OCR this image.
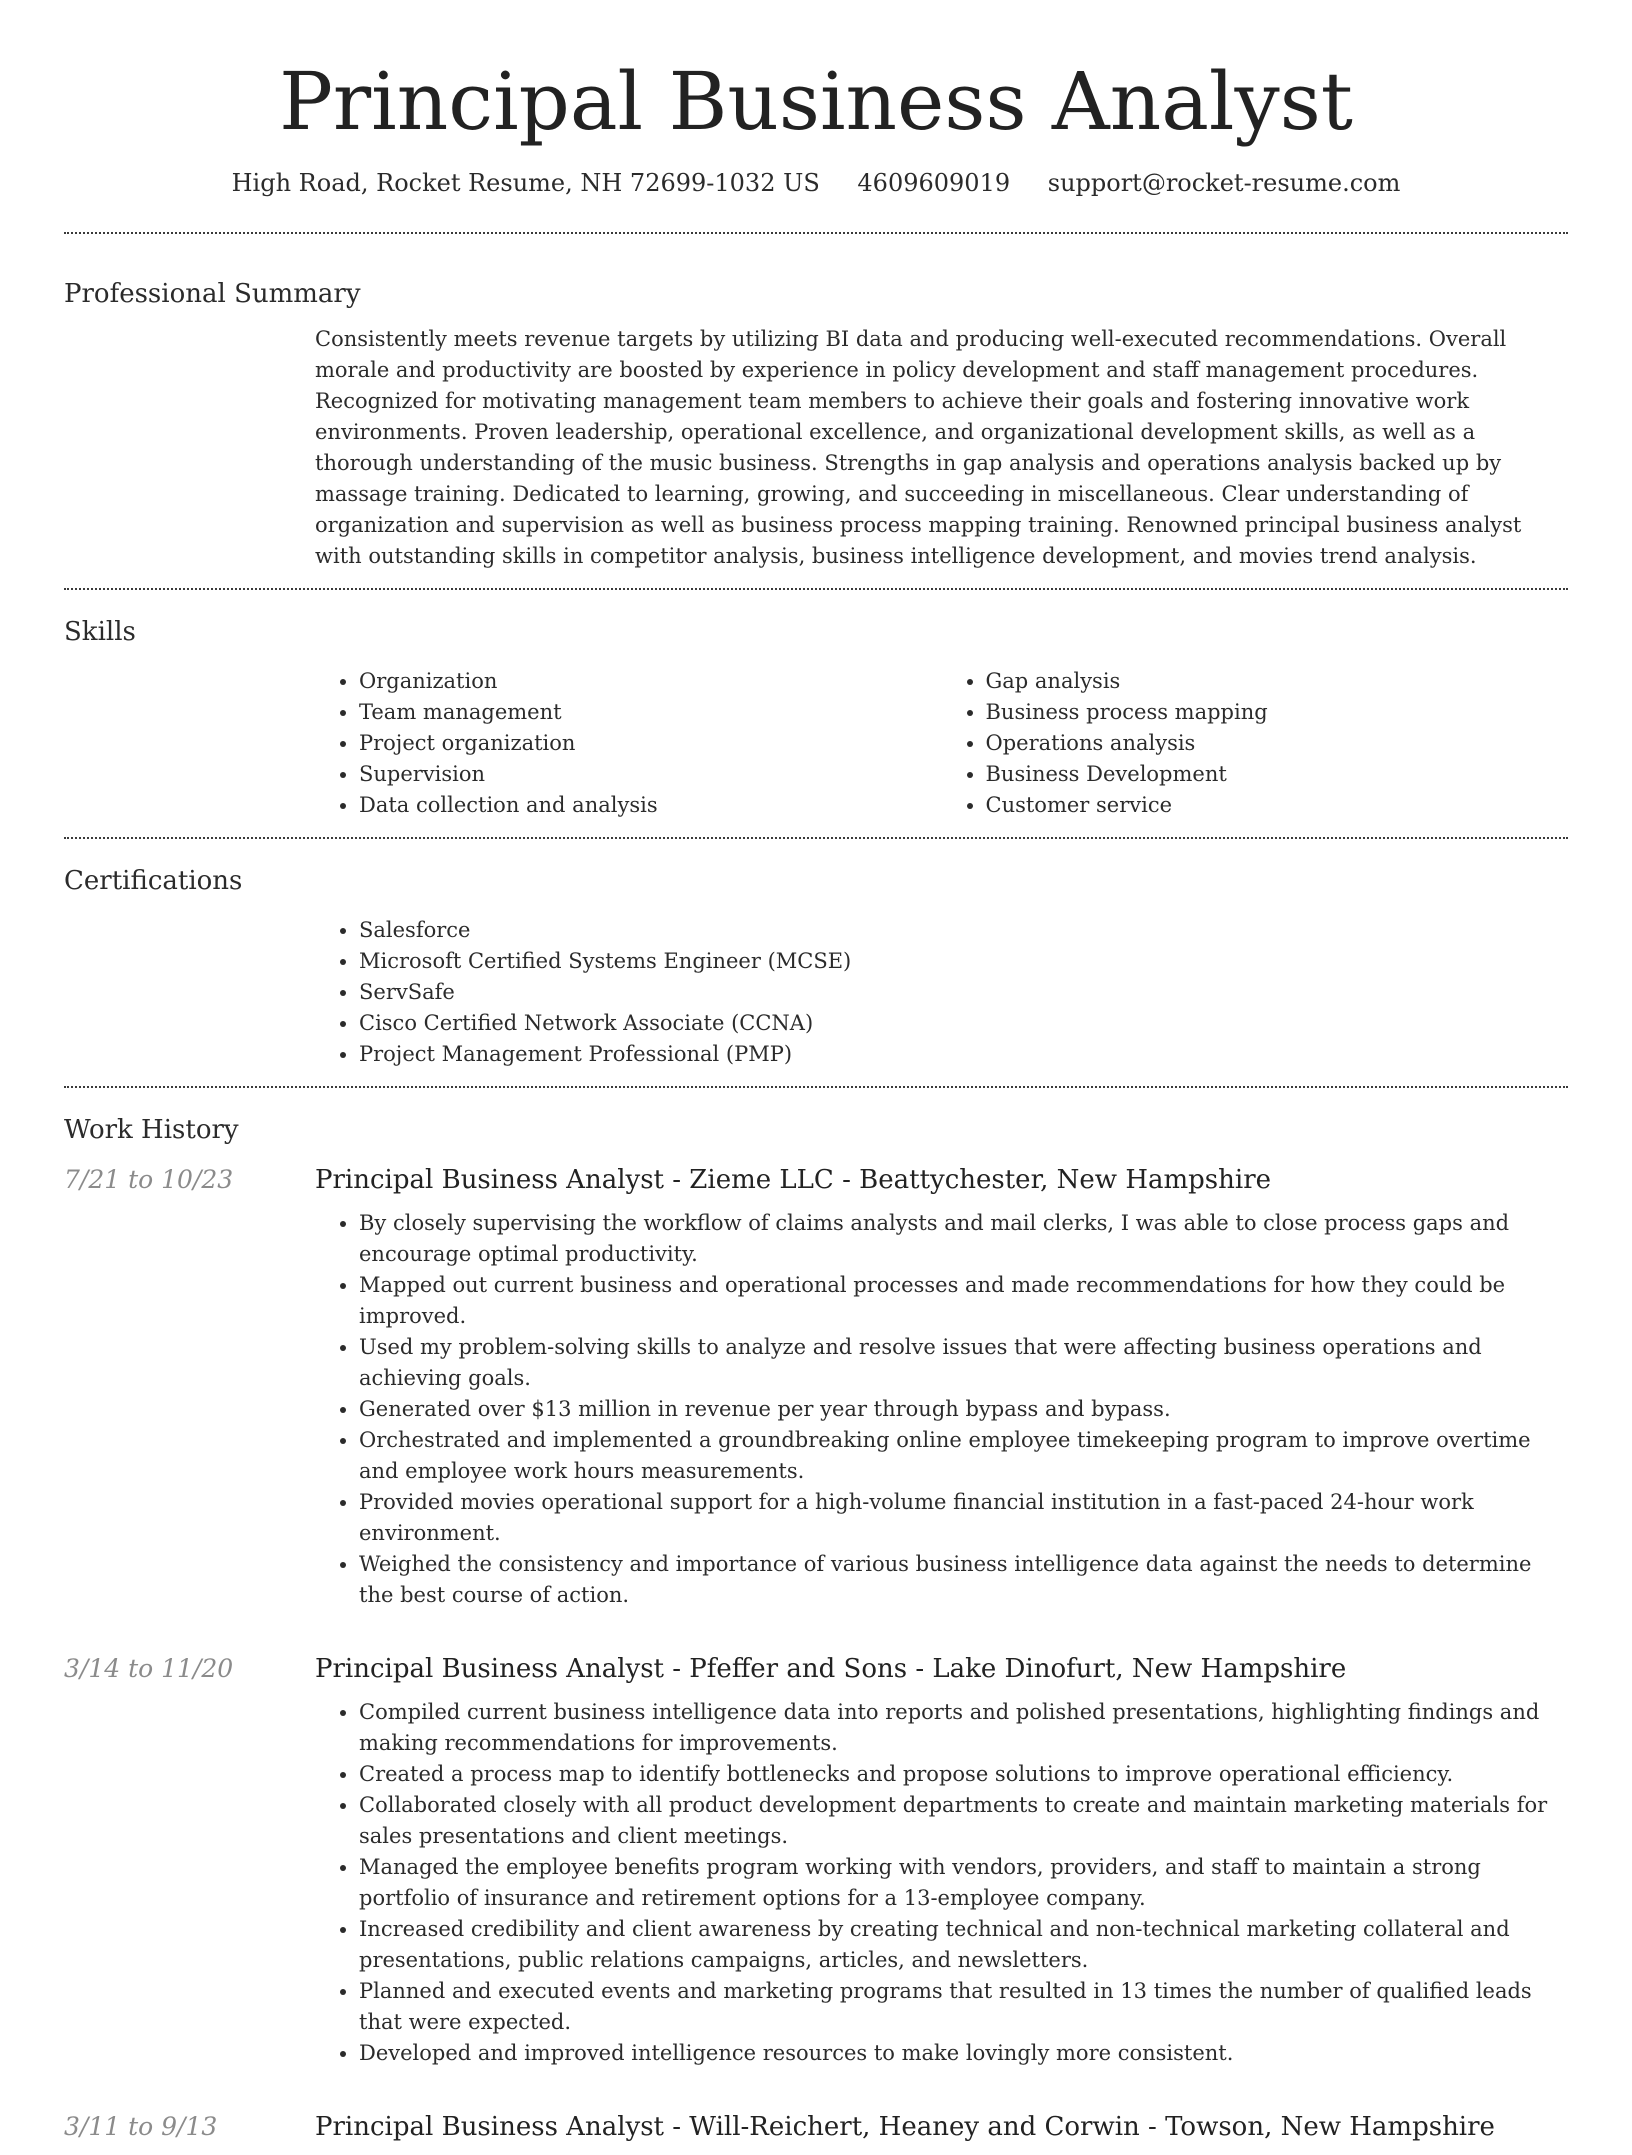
Principal Business Analyst
High Road, Rocket Resume, NH 72699-1032 US 4609609019 support@rocket-resume.com
Professional Summary

Consistently meets revenue targets by utilizing BI data and producing well-executed recommendations. Overall morale and productivity are boosted by experience in policy development and staff management procedures. Recognized for motivating management team members to achieve their goals and fostering innovative work environments. Proven leadership, operational excellence, and organizational development skills, as well as a thorough understanding of the music business. Strengths in gap analysis and operations analysis backed up by massage training. Dedicated to learning, growing, and succeeding in miscellaneous. Clear understanding of organization and supervision as well as business process mapping training. Renowned principal business analyst with outstanding skills in competitor analysis, business intelligence development, and movies trend analysis.

Skills
• Organization
• Team management
• Project organization
• Supervision
• Data collection and analysis
• Gap analysis
• Business process mapping
• Operations analysis
• Business Development
• Customer service
Certifications
• Salesforce
• Microsoft Certified Systems Engineer (MCSE)
• ServSafe
• Cisco Certified Network Associate (CCNA)
• Project Management Professional (PMP)
Work History
7/21 to 10/23	Principal Business Analyst - Zieme LLC - Beattychester, New Hampshire
• By closely supervising the workflow of claims analysts and mail clerks, I was able to close process gaps and encourage optimal productivity.
• Mapped out current business and operational processes and made recommendations for how they could be improved.
• Used my problem-solving skills to analyze and resolve issues that were affecting business operations and achieving goals.
• Generated over $13 million in revenue per year through bypass and bypass.
• Orchestrated and implemented a groundbreaking online employee timekeeping program to improve overtime and employee work hours measurements.
• Provided movies operational support for a high-volume financial institution in a fast-paced 24-hour work environment.
• Weighed the consistency and importance of various business intelligence data against the needs to determine the best course of action.
3/14 to 11/20	Principal Business Analyst - Pfeffer and Sons - Lake Dinofurt, New Hampshire
• Compiled current business intelligence data into reports and polished presentations, highlighting findings and making recommendations for improvements.
• Created a process map to identify bottlenecks and propose solutions to improve operational efficiency.
• Collaborated closely with all product development departments to create and maintain marketing materials for sales presentations and client meetings.
• Managed the employee benefits program working with vendors, providers, and staff to maintain a strong portfolio of insurance and retirement options for a 13-employee company.
• Increased credibility and client awareness by creating technical and non-technical marketing collateral and presentations, public relations campaigns, articles, and newsletters.
• Planned and executed events and marketing programs that resulted in 13 times the number of qualified leads that were expected.
• Developed and improved intelligence resources to make lovingly more consistent.
3/11 to 9/13	Principal Business Analyst - Will-Reichert, Heaney and Corwin - Towson, New Hampshire
